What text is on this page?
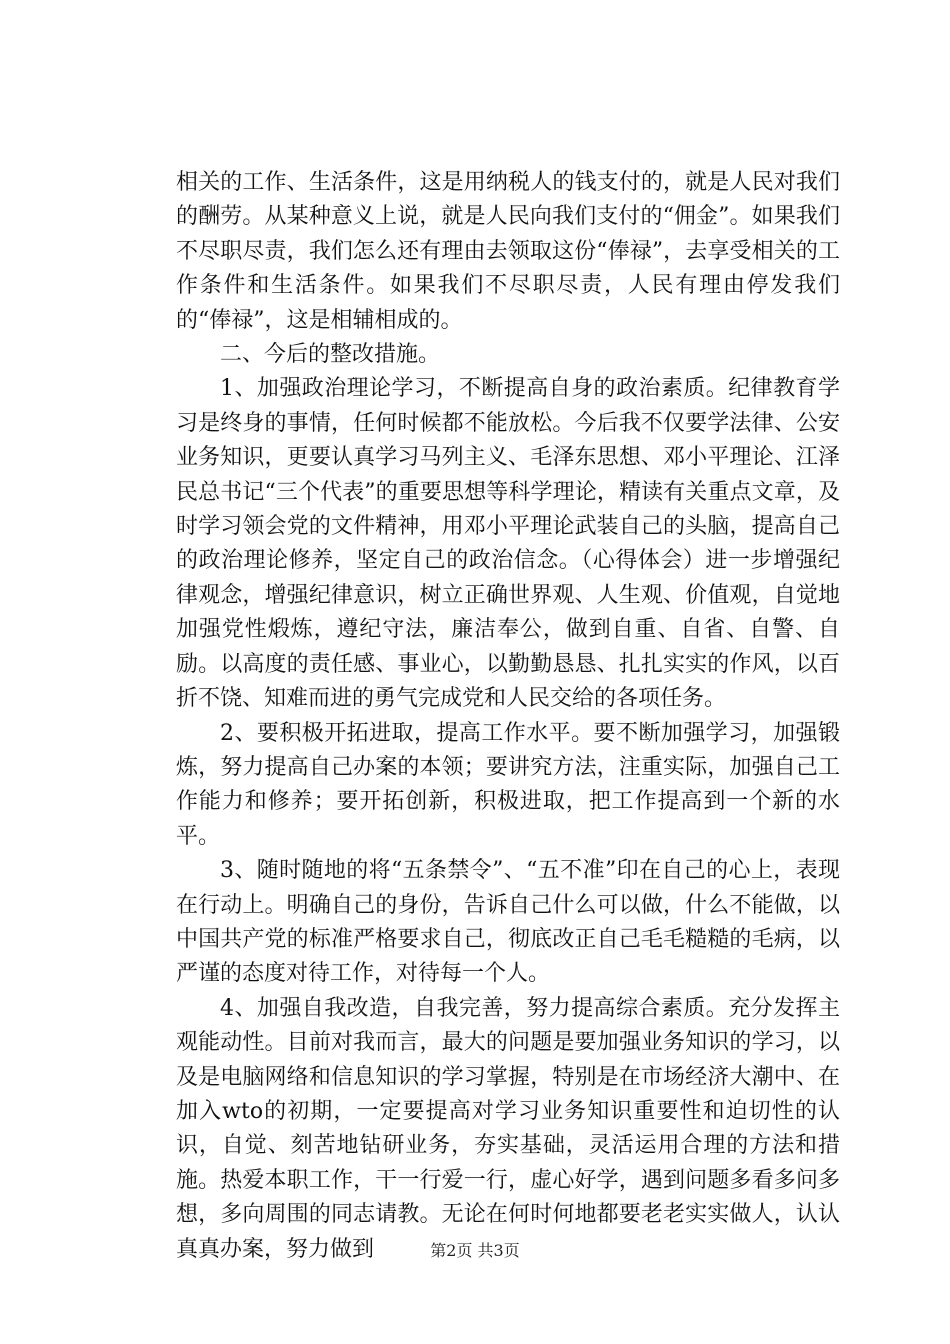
相关的工作、生活条件，这是用纳税人的钱支付的，就是人民对我们的酬劳。从某种意义上说，就是人民向我们支付的“佣金”。如果我们不尽职尽责，我们怎么还有理由去领取这份“俸禄”，去享受相关的工作条件和生活条件。如果我们不尽职尽责，人民有理由停发我们的“俸禄”，这是相辅相成的。

二、今后的整改措施。

1、加强政治理论学习，不断提高自身的政治素质。纪律教育学习是终身的事情，任何时候都不能放松。今后我不仅要学法律、公安业务知识，更要认真学习马列主义、毛泽东思想、邓小平理论、江泽民总书记“三个代表”的重要思想等科学理论，精读有关重点文章，及时学习领会党的文件精神，用邓小平理论武装自己的头脑，提高自己的政治理论修养，坚定自己的政治信念。（心得体会）进一步增强纪律观念，增强纪律意识，树立正确世界观、人生观、价值观，自觉地加强党性煅炼，遵纪守法，廉洁奉公，做到自重、自省、自警、自励。以高度的责任感、事业心，以勤勤恳恳、扎扎实实的作风，以百折不饶、知难而进的勇气完成党和人民交给的各项任务。

2、要积极开拓进取，提高工作水平。要不断加强学习，加强锻炼，努力提高自己办案的本领；要讲究方法，注重实际，加强自己工作能力和修养；要开拓创新，积极进取，把工作提高到一个新的水平。

3、随时随地的将“五条禁令”、“五不准”印在自己的心上，表现在行动上。明确自己的身份，告诉自己什么可以做，什么不能做，以中国共产党的标准严格要求自己，彻底改正自己毛毛糙糙的毛病，以严谨的态度对待工作，对待每一个人。

4、加强自我改造，自我完善，努力提高综合素质。充分发挥主观能动性。目前对我而言，最大的问题是要加强业务知识的学习，以及是电脑网络和信息知识的学习掌握，特别是在市场经济大潮中、在加入wto的初期，一定要提高对学习业务知识重要性和迫切性的认识，自觉、刻苦地钻研业务，夯实基础，灵活运用合理的方法和措施。热爱本职工作，干一行爱一行，虚心好学，遇到问题多看多问多想，多向周围的同志请教。无论在何时何地都要老老实实做人，认认真真办案，努力做到	第2页 共3页
